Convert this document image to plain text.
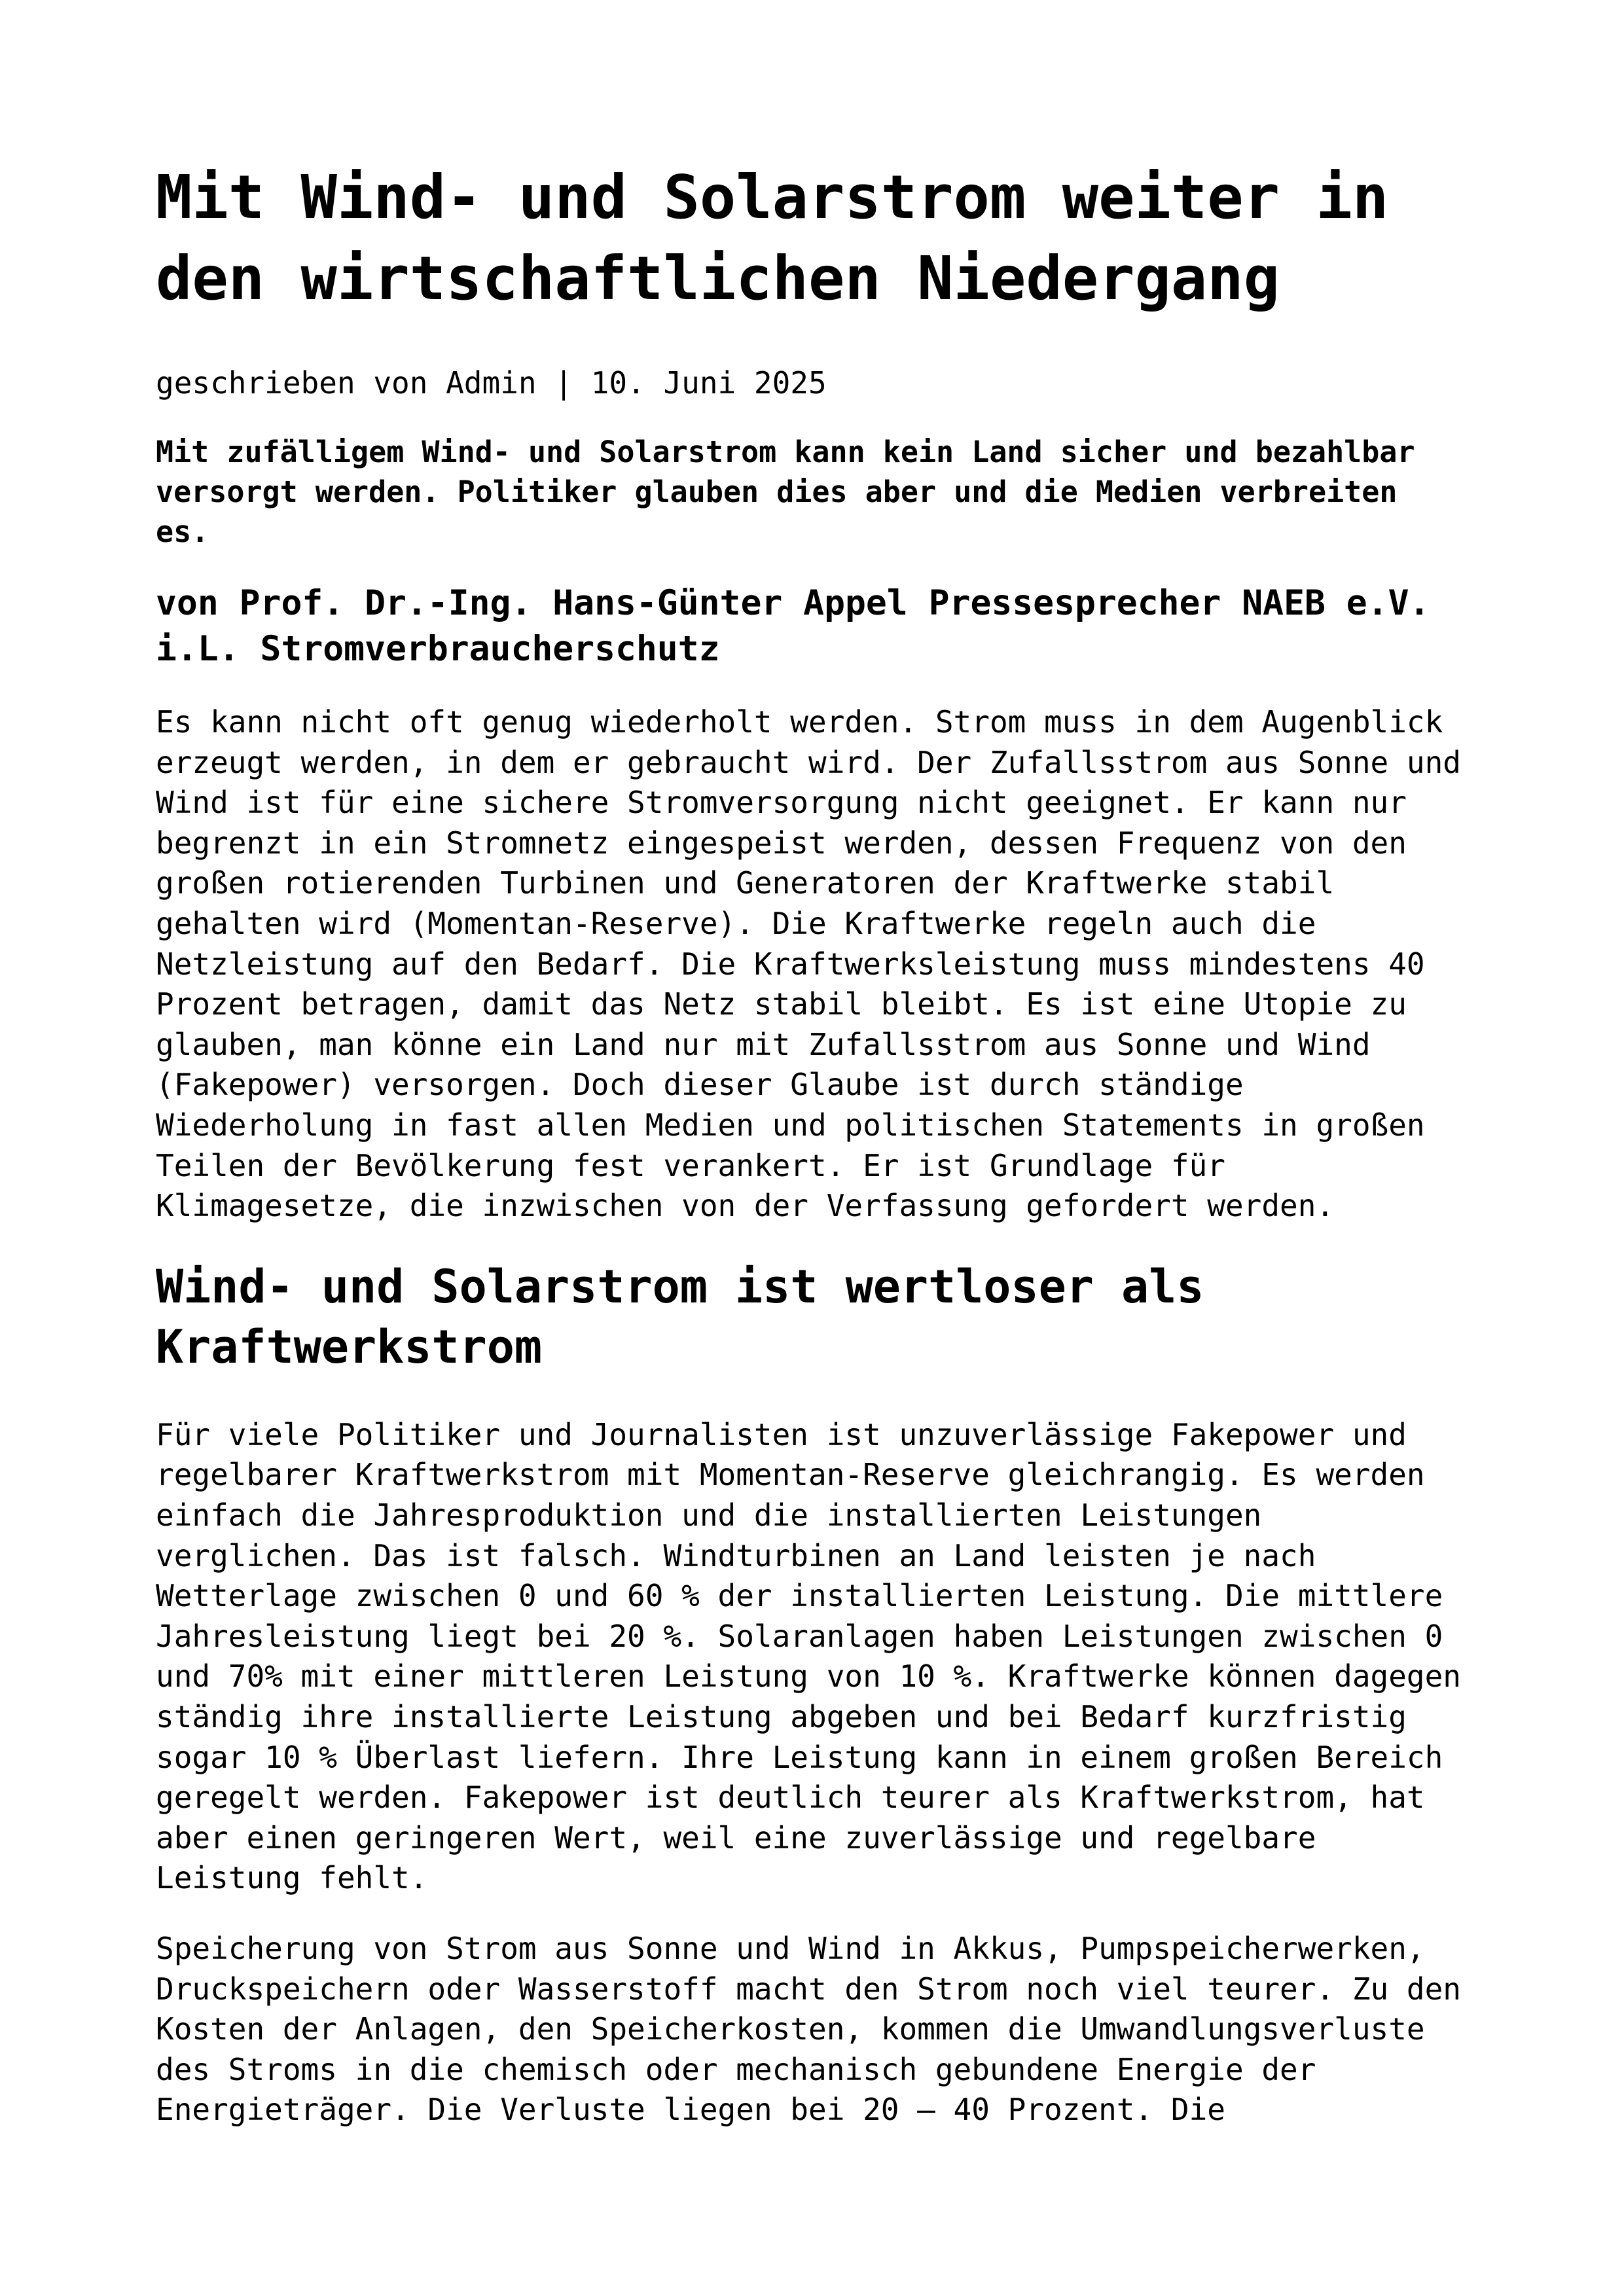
Mit Wind- und Solarstrom weiter in
den wirtschaftlichen Niedergang
geschrieben von Admin | 10. Juni 2025
Mit zufälligem Wind- und Solarstrom kann kein Land sicher und bezahlbar
versorgt werden. Politiker glauben dies aber und die Medien verbreiten
es.
von Prof. Dr.-Ing. Hans-Günter Appel Pressesprecher NAEB e.V.
i.L. Stromverbraucherschutz
Es kann nicht oft genug wiederholt werden. Strom muss in dem Augenblick
erzeugt werden, in dem er gebraucht wird. Der Zufallsstrom aus Sonne und
Wind ist für eine sichere Stromversorgung nicht geeignet. Er kann nur
begrenzt in ein Stromnetz eingespeist werden, dessen Frequenz von den
großen rotierenden Turbinen und Generatoren der Kraftwerke stabil
gehalten wird (Momentan-Reserve). Die Kraftwerke regeln auch die
Netzleistung auf den Bedarf. Die Kraftwerksleistung muss mindestens 40
Prozent betragen, damit das Netz stabil bleibt. Es ist eine Utopie zu
glauben, man könne ein Land nur mit Zufallsstrom aus Sonne und Wind
(Fakepower) versorgen. Doch dieser Glaube ist durch ständige
Wiederholung in fast allen Medien und politischen Statements in großen
Teilen der Bevölkerung fest verankert. Er ist Grundlage für
Klimagesetze, die inzwischen von der Verfassung gefordert werden.
Wind- und Solarstrom ist wertloser als
Kraftwerkstrom
Für viele Politiker und Journalisten ist unzuverlässige Fakepower und
regelbarer Kraftwerkstrom mit Momentan-Reserve gleichrangig. Es werden
einfach die Jahresproduktion und die installierten Leistungen
verglichen. Das ist falsch. Windturbinen an Land leisten je nach
Wetterlage zwischen 0 und 60 % der installierten Leistung. Die mittlere
Jahresleistung liegt bei 20 %. Solaranlagen haben Leistungen zwischen 0
und 70% mit einer mittleren Leistung von 10 %. Kraftwerke können dagegen
ständig ihre installierte Leistung abgeben und bei Bedarf kurzfristig
sogar 10 % Überlast liefern. Ihre Leistung kann in einem großen Bereich
geregelt werden. Fakepower ist deutlich teurer als Kraftwerkstrom, hat
aber einen geringeren Wert, weil eine zuverlässige und regelbare
Leistung fehlt.
Speicherung von Strom aus Sonne und Wind in Akkus, Pumpspeicherwerken,
Druckspeichern oder Wasserstoff macht den Strom noch viel teurer. Zu den
Kosten der Anlagen, den Speicherkosten, kommen die Umwandlungsverluste
des Stroms in die chemisch oder mechanisch gebundene Energie der
Energieträger. Die Verluste liegen bei 20 – 40 Prozent. Die
